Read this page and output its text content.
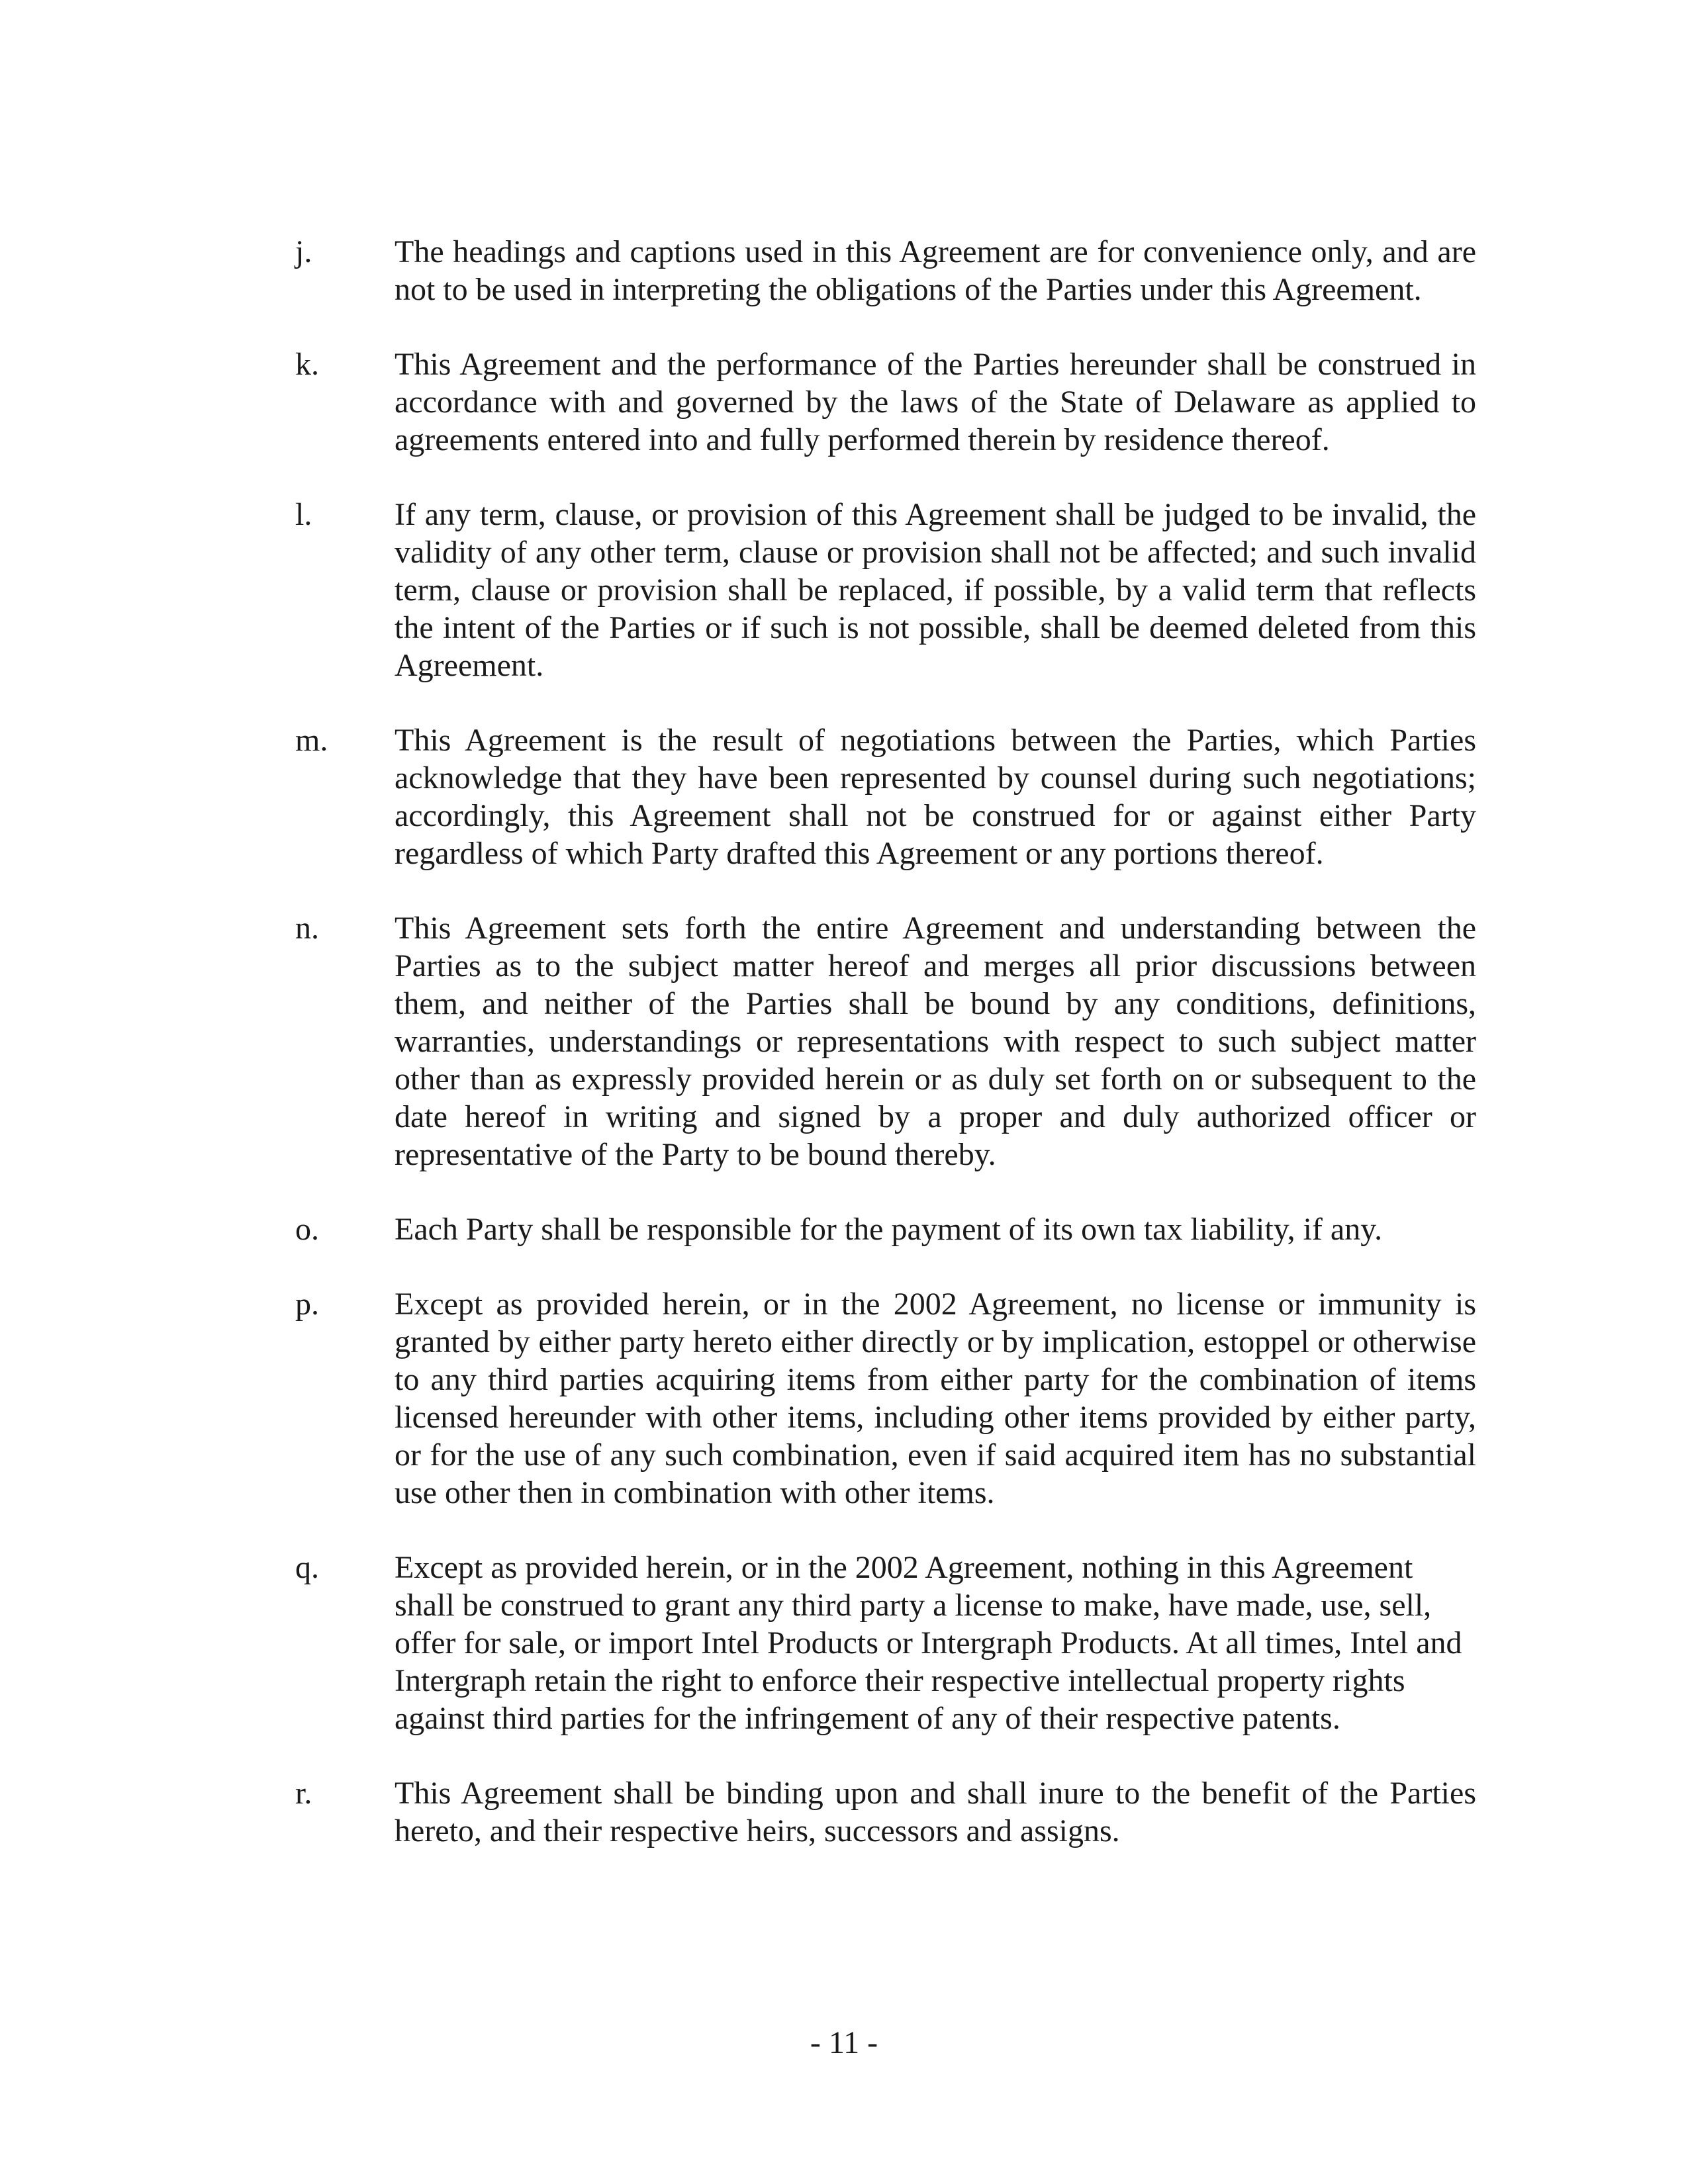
j.	The headings and captions used in this Agreement are for convenience only, and are not to be used in interpreting the obligations of the Parties under this Agreement.
k.	This Agreement and the performance of the Parties hereunder shall be construed in accordance with and governed by the laws of the State of Delaware as applied to agreements entered into and fully performed therein by residence thereof.
l.	If any term, clause, or provision of this Agreement shall be judged to be invalid, the validity of any other term, clause or provision shall not be affected; and such invalid term, clause or provision shall be replaced, if possible, by a valid term that reflects the intent of the Parties or if such is not possible, shall be deemed deleted from this Agreement.
m.	This Agreement is the result of negotiations between the Parties, which Parties acknowledge that they have been represented by counsel during such negotiations; accordingly, this Agreement shall not be construed for or against either Party regardless of which Party drafted this Agreement or any portions thereof.
n.	This Agreement sets forth the entire Agreement and understanding between the Parties as to the subject matter hereof and merges all prior discussions between them, and neither of the Parties shall be bound by any conditions, definitions, warranties, understandings or representations with respect to such subject matter other than as expressly provided herein or as duly set forth on or subsequent to the date hereof in writing and signed by a proper and duly authorized officer or representative of the Party to be bound thereby.
o.	Each Party shall be responsible for the payment of its own tax liability, if any.
p.	Except as provided herein, or in the 2002 Agreement, no license or immunity is granted by either party hereto either directly or by implication, estoppel or otherwise to any third parties acquiring items from either party for the combination of items licensed hereunder with other items, including other items provided by either party, or for the use of any such combination, even if said acquired item has no substantial use other then in combination with other items.
q.	Except as provided herein, or in the 2002 Agreement, nothing in this Agreement shall be construed to grant any third party a license to make, have made, use, sell, offer for sale, or import Intel Products or Intergraph Products. At all times, Intel and Intergraph retain the right to enforce their respective intellectual property rights against third parties for the infringement of any of their respective patents.
r.	This Agreement shall be binding upon and shall inure to the benefit of the Parties hereto, and their respective heirs, successors and assigns.
- 11 -
